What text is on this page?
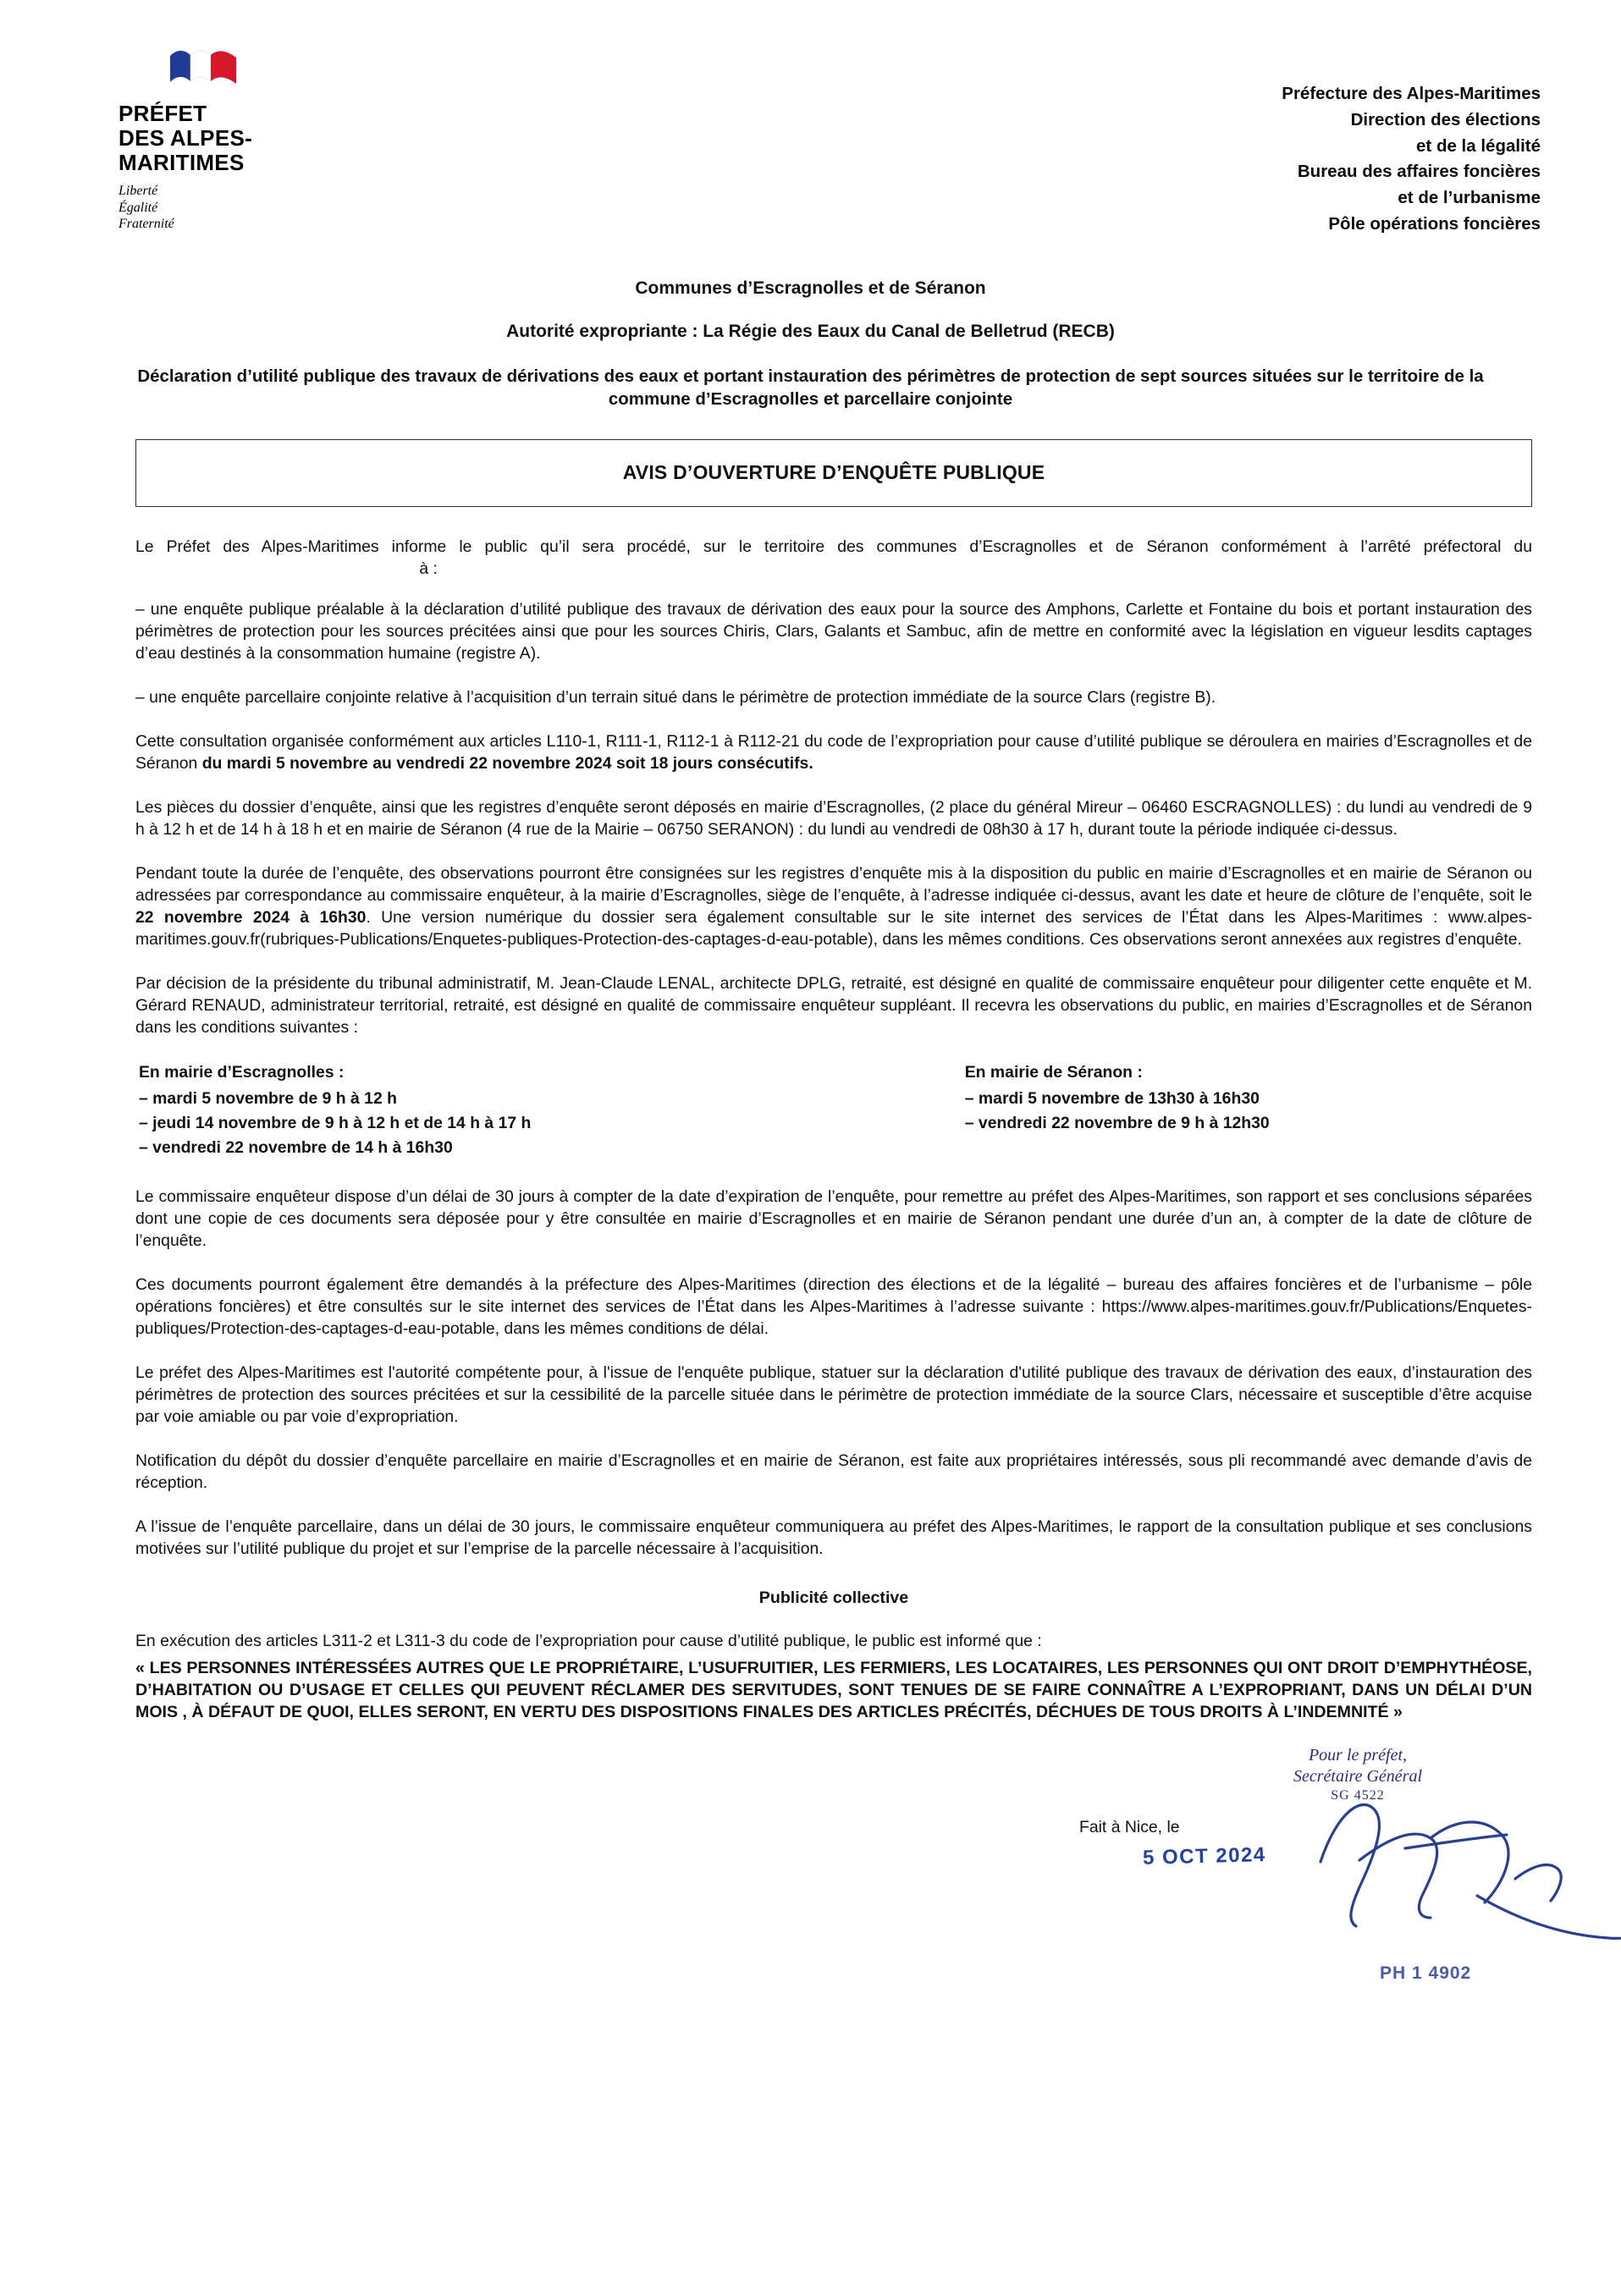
PRÉFET
DES ALPES-
MARITIMES
Liberté
Égalité
Fraternité
Préfecture des Alpes-Maritimes
Direction des élections
et de la légalité
Bureau des affaires foncières
et de l’urbanisme
Pôle opérations foncières
Communes d’Escragnolles et de Séranon
Autorité expropriante : La Régie des Eaux du Canal de Belletrud (RECB)
Déclaration d’utilité publique des travaux de dérivations des eaux et portant instauration des périmètres de protection de sept sources situées sur le territoire de la commune d’Escragnolles et parcellaire conjointe
AVIS D’OUVERTURE D’ENQUÊTE PUBLIQUE

Le Préfet des Alpes-Maritimes informe le public qu’il sera procédé, sur le territoire des communes d’Escragnolles et de Séranon conformément à l’arrêté préfectoral du  à :

– une enquête publique préalable à la déclaration d’utilité publique des travaux de dérivation des eaux pour la source des Amphons, Carlette et Fontaine du bois et portant instauration des périmètres de protection pour les sources précitées ainsi que pour les sources Chiris, Clars, Galants et Sambuc, afin de mettre en conformité avec la législation en vigueur lesdits captages d’eau destinés à la consommation humaine (registre A).

– une enquête parcellaire conjointe relative à l’acquisition d’un terrain situé dans le périmètre de protection immédiate de la source Clars (registre B).

Cette consultation organisée conformément aux articles L110-1, R111-1, R112-1 à R112-21 du code de l’expropriation pour cause d’utilité publique se déroulera en mairies d’Escragnolles et de Séranon du mardi 5 novembre au vendredi 22 novembre 2024 soit 18 jours consécutifs.

Les pièces du dossier d’enquête, ainsi que les registres d’enquête seront déposés en mairie d’Escragnolles, (2 place du général Mireur – 06460 ESCRAGNOLLES) : du lundi au vendredi de 9 h à 12 h et de 14 h à 18 h et en mairie de Séranon (4 rue de la Mairie – 06750 SERANON) : du lundi au vendredi de 08h30 à 17 h, durant toute la période indiquée ci-dessus.

Pendant toute la durée de l’enquête, des observations pourront être consignées sur les registres d’enquête mis à la disposition du public en mairie d’Escragnolles et en mairie de Séranon ou adressées par correspondance au commissaire enquêteur, à la mairie d’Escragnolles, siège de l’enquête, à l’adresse indiquée ci-dessus, avant les date et heure de clôture de l’enquête, soit le 22 novembre 2024 à 16h30. Une version numérique du dossier sera également consultable sur le site internet des services de l’État dans les Alpes-Maritimes : www.alpes-maritimes.gouv.fr(rubriques-Publications/Enquetes-publiques-Protection-des-captages-d-eau-potable), dans les mêmes conditions. Ces observations seront annexées aux registres d’enquête.

Par décision de la présidente du tribunal administratif, M. Jean-Claude LENAL, architecte DPLG, retraité, est désigné en qualité de commissaire enquêteur pour diligenter cette enquête et M. Gérard RENAUD, administrateur territorial, retraité, est désigné en qualité de commissaire enquêteur suppléant. Il recevra les observations du public, en mairies d’Escragnolles et de Séranon dans les conditions suivantes :

En mairie d’Escragnolles :
– mardi 5 novembre de 9 h à 12 h
– jeudi 14 novembre de 9 h à 12 h et de 14 h à 17 h
– vendredi 22 novembre de 14 h à 16h30
En mairie de Séranon :
– mardi 5 novembre de 13h30 à 16h30
– vendredi 22 novembre de 9 h à 12h30

Le commissaire enquêteur dispose d’un délai de 30 jours à compter de la date d’expiration de l’enquête, pour remettre au préfet des Alpes-Maritimes, son rapport et ses conclusions séparées dont une copie de ces documents sera déposée pour y être consultée en mairie d’Escragnolles et en mairie de Séranon pendant une durée d’un an, à compter de la date de clôture de l’enquête.

Ces documents pourront également être demandés à la préfecture des Alpes-Maritimes (direction des élections et de la légalité – bureau des affaires foncières et de l’urbanisme – pôle opérations foncières) et être consultés sur le site internet des services de l’État dans les Alpes-Maritimes à l’adresse suivante : https://www.alpes-maritimes.gouv.fr/Publications/Enquetes-publiques/Protection-des-captages-d-eau-potable, dans les mêmes conditions de délai.

Le préfet des Alpes-Maritimes est l'autorité compétente pour, à l'issue de l'enquête publique, statuer sur la déclaration d'utilité publique des travaux de dérivation des eaux, d’instauration des périmètres de protection des sources précitées et sur la cessibilité de la parcelle située dans le périmètre de protection immédiate de la source Clars, nécessaire et susceptible d’être acquise par voie amiable ou par voie d’expropriation.

Notification du dépôt du dossier d’enquête parcellaire en mairie d’Escragnolles et en mairie de Séranon, est faite aux propriétaires intéressés, sous pli recommandé avec demande d’avis de réception.

A l’issue de l’enquête parcellaire, dans un délai de 30 jours, le commissaire enquêteur communiquera au préfet des Alpes-Maritimes, le rapport de la consultation publique et ses conclusions motivées sur l’utilité publique du projet et sur l’emprise de la parcelle nécessaire à l’acquisition.

Publicité collective

En exécution des articles L311-2 et L311-3 du code de l’expropriation pour cause d’utilité publique, le public est informé que :

« LES PERSONNES INTÉRESSÉES AUTRES QUE LE PROPRIÉTAIRE, L’USUFRUITIER, LES FERMIERS, LES LOCATAIRES, LES PERSONNES QUI ONT DROIT D’EMPHYTHÉOSE, D’HABITATION OU D’USAGE ET CELLES QUI PEUVENT RÉCLAMER DES SERVITUDES, SONT TENUES DE SE FAIRE CONNAÎTRE A L’EXPROPRIANT, DANS UN DÉLAI D’UN MOIS , À DÉFAUT DE QUOI, ELLES SERONT, EN VERTU DES DISPOSITIONS FINALES DES ARTICLES PRÉCITÉS, DÉCHUES DE TOUS DROITS À L’INDEMNITÉ »

Fait à Nice, le
Pour le préfet,
Secrétaire Général
SG 4522
5 OCT 2024
PH 1 4902
